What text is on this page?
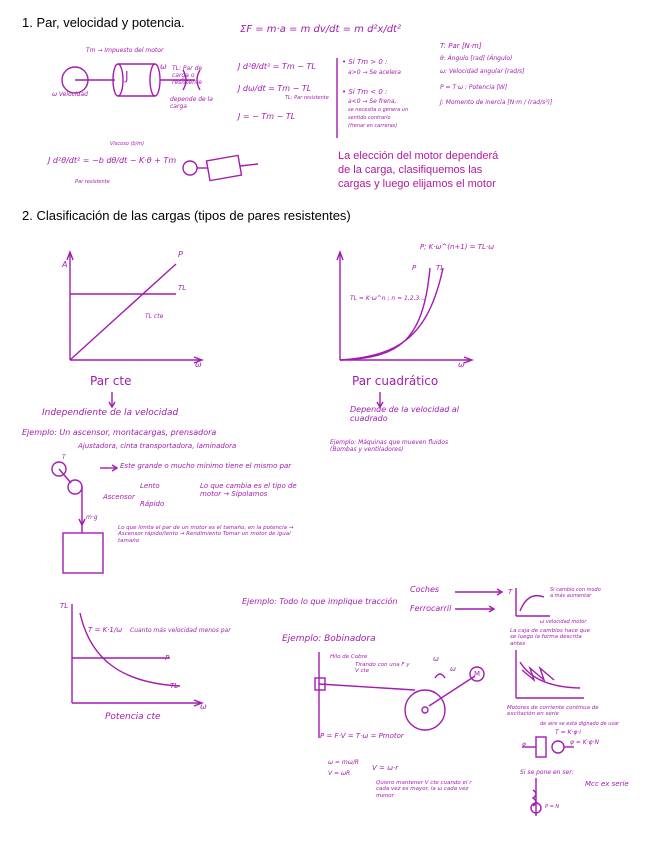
1. Par, velocidad y potencia.
2. Clasificación de las cargas (tipos de pares resistentes)
Tm → Impuesto del motor
ω Velocidad
J
ω TL: Par de carga o resistente
depende de la carga
ΣF = m·a = m dv/dt = m d²x/dt²
J d²θ/dt² = Tm − TL
J dω/dt = Tm − TL
TL: Par resistente
J = − Tm − TL
• Si Tm > 0 :
a>0 → Se acelera
• Si Tm < 0 :
a<0 → Se frena,
se necesita o genera un
sentido contrario
(frenar en carreras)
T: Par [N·m]
θ: Ángulo [rad] (Ángulo)
ω: Velocidad angular [rad/s]
P = T·ω : Potencia [W]
J: Momento de inercia [N·m / (rad/s²)]
Viscoso (b/m)
J d²θ/dt² = −b dθ/dt − K·θ + Tm
Par resistente
La elección del motor dependerá de la carga, clasifiquemos las cargas y luego elijamos el motor
A
P
TL
TL cte
ω
Par cte
P; K·ω^(n+1) = TL·ω
P	TL
TL = K·ω^n ; n = 1,2,3...
ω
Par cuadrático
Independiente de la velocidad
Ejemplo: Un ascensor, montacargas, prensadora
Ajustadora, cinta transportadora, laminadora
Depende de la velocidad al cuadrado
Ejemplo: Máquinas que mueven fluidos (Bombas y ventiladores)
T
m·g
Este grande o mucho mínimo tiene el mismo par
Ascensor
Lento
Rápido
Lo que cambia es el tipo de motor → Sipolamos
Lo que limita el par de un motor es el tamaño, en la potencia → Ascensor rápido/lento → Rendimiento Tomar un motor de igual tamaño
TL
T = K·1/ω Cuanto más velocidad menos par
P
TL
ω
Potencia cte
Ejemplo: Todo lo que implique tracción
Coches
Ferrocarril
T	Si cambio con modo a más aumentar
ω velocidad motor
Ejemplo: Bobinadora
Hilo de Cobre
Tirando con una F y V cte
ω
ω
M
P = F·V = T·ω = Pmotor
ω = mω/R
V = ωR
V = ω·r
Quiero mantener V cte cuando el r cada vez es mayor, la ω cada vez menor
La caja de cambios hace que se luego la forma descrita antes
Motores de corriente continua de excitación en serie
de aire se está dignado de usar
T = K·φ·i
φ	φ = K·φ·N
Si se pone en ser:
Mcc ex serie
P = N
